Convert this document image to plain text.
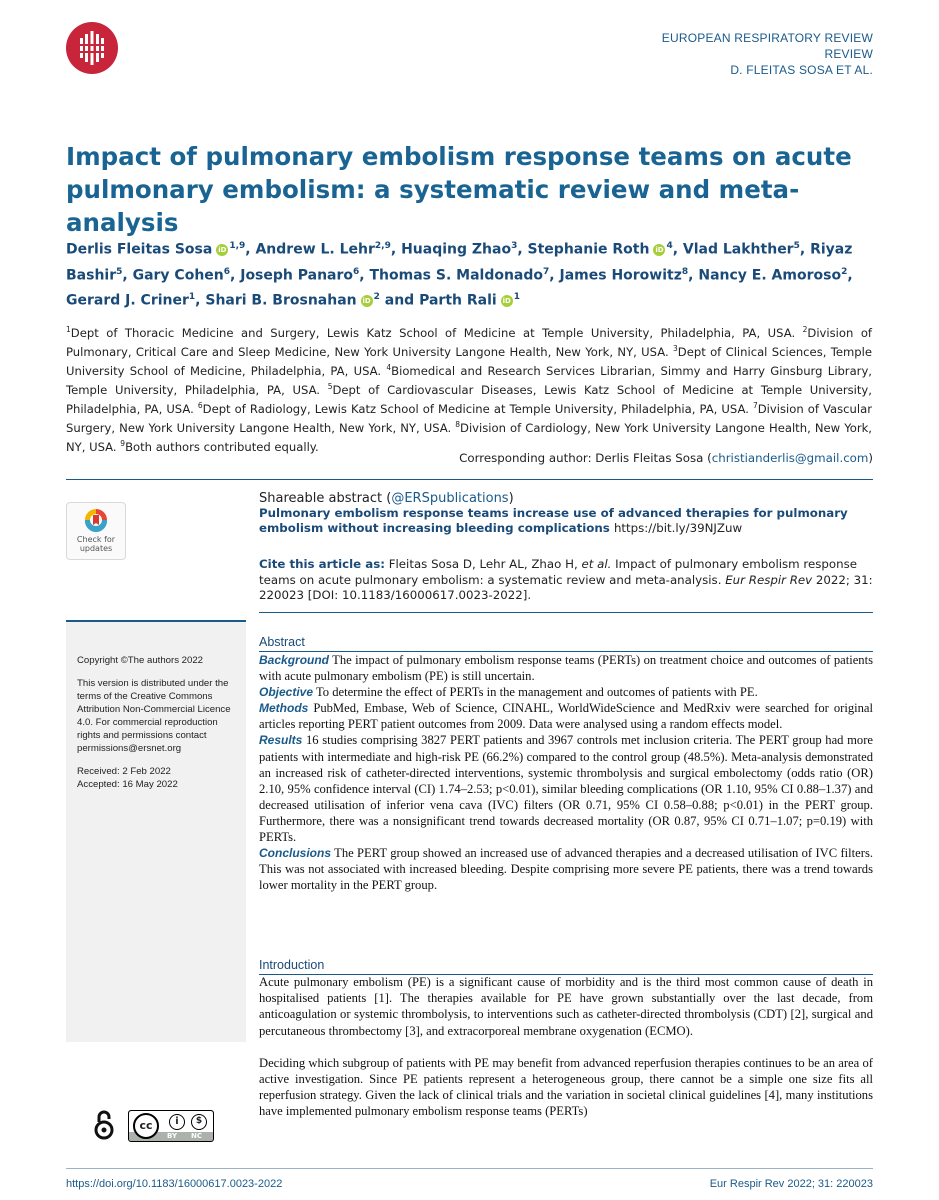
EUROPEAN RESPIRATORY REVIEW
REVIEW
D. FLEITAS SOSA ET AL.
Impact of pulmonary embolism response teams on acute pulmonary embolism: a systematic review and meta-analysis
Derlis Fleitas Sosa iD $^{1,9}$, Andrew L. Lehr$^{2,9}$, Huaqing Zhao$^3$, Stephanie Roth iD $^4$, Vlad Lakhther$^5$, Riyaz Bashir$^5$, Gary Cohen$^6$, Joseph Panaro$^6$, Thomas S. Maldonado$^7$, James Horowitz$^8$, Nancy E. Amoroso$^2$, Gerard J. Criner$^1$, Shari B. Brosnahan iD $^2$ and Parth Rali iD $^1$
$^1$Dept of Thoracic Medicine and Surgery, Lewis Katz School of Medicine at Temple University, Philadelphia, PA, USA. $^2$Division of Pulmonary, Critical Care and Sleep Medicine, New York University Langone Health, New York, NY, USA. $^3$Dept of Clinical Sciences, Temple University School of Medicine, Philadelphia, PA, USA. $^4$Biomedical and Research Services Librarian, Simmy and Harry Ginsburg Library, Temple University, Philadelphia, PA, USA. $^5$Dept of Cardiovascular Diseases, Lewis Katz School of Medicine at Temple University, Philadelphia, PA, USA. $^6$Dept of Radiology, Lewis Katz School of Medicine at Temple University, Philadelphia, PA, USA. $^7$Division of Vascular Surgery, New York University Langone Health, New York, NY, USA. $^8$Division of Cardiology, New York University Langone Health, New York, NY, USA. $^9$Both authors contributed equally.
Corresponding author: Derlis Fleitas Sosa (christianderlis@gmail.com)
Check for
updates
Shareable abstract (@ERSpublications)
Pulmonary embolism response teams increase use of advanced therapies for pulmonary embolism without increasing bleeding complications https://bit.ly/39NJZuw
Cite this article as: Fleitas Sosa D, Lehr AL, Zhao H, et al. Impact of pulmonary embolism response teams on acute pulmonary embolism: a systematic review and meta-analysis. Eur Respir Rev 2022; 31: 220023 [DOI: 10.1183/16000617.0023-2022].

Copyright ©The authors 2022

This version is distributed under the terms of the Creative Commons Attribution Non-Commercial Licence 4.0. For commercial reproduction rights and permissions contact permissions@ersnet.org

Received: 2 Feb 2022

Accepted: 16 May 2022

Abstract

Background The impact of pulmonary embolism response teams (PERTs) on treatment choice and outcomes of patients with acute pulmonary embolism (PE) is still uncertain.

Objective To determine the effect of PERTs in the management and outcomes of patients with PE.

Methods PubMed, Embase, Web of Science, CINAHL, WorldWideScience and MedRxiv were searched for original articles reporting PERT patient outcomes from 2009. Data were analysed using a random effects model.

Results 16 studies comprising 3827 PERT patients and 3967 controls met inclusion criteria. The PERT group had more patients with intermediate and high-risk PE (66.2%) compared to the control group (48.5%). Meta-analysis demonstrated an increased risk of catheter-directed interventions, systemic thrombolysis and surgical embolectomy (odds ratio (OR) 2.10, 95% confidence interval (CI) 1.74–2.53; p<0.01), similar bleeding complications (OR 1.10, 95% CI 0.88–1.37) and decreased utilisation of inferior vena cava (IVC) filters (OR 0.71, 95% CI 0.58–0.88; p<0.01) in the PERT group. Furthermore, there was a nonsignificant trend towards decreased mortality (OR 0.87, 95% CI 0.71–1.07; p=0.19) with PERTs.

Conclusions The PERT group showed an increased use of advanced therapies and a decreased utilisation of IVC filters. This was not associated with increased bleeding. Despite comprising more severe PE patients, there was a trend towards lower mortality in the PERT group.

Introduction

Acute pulmonary embolism (PE) is a significant cause of morbidity and is the third most common cause of death in hospitalised patients [1]. The therapies available for PE have grown substantially over the last decade, from anticoagulation or systemic thrombolysis, to interventions such as catheter-directed thrombolysis (CDT) [2], surgical and percutaneous thrombectomy [3], and extracorporeal membrane oxygenation (ECMO).

Deciding which subgroup of patients with PE may benefit from advanced reperfusion therapies continues to be an area of active investigation. Since PE patients represent a heterogeneous group, there cannot be a simple one size fits all reperfusion strategy. Given the lack of clinical trials and the variation in societal clinical guidelines [4], many institutions have implemented pulmonary embolism response teams (PERTs)

cc	i	$
BY NC
https://doi.org/10.1183/16000617.0023-2022	Eur Respir Rev 2022; 31: 220023
